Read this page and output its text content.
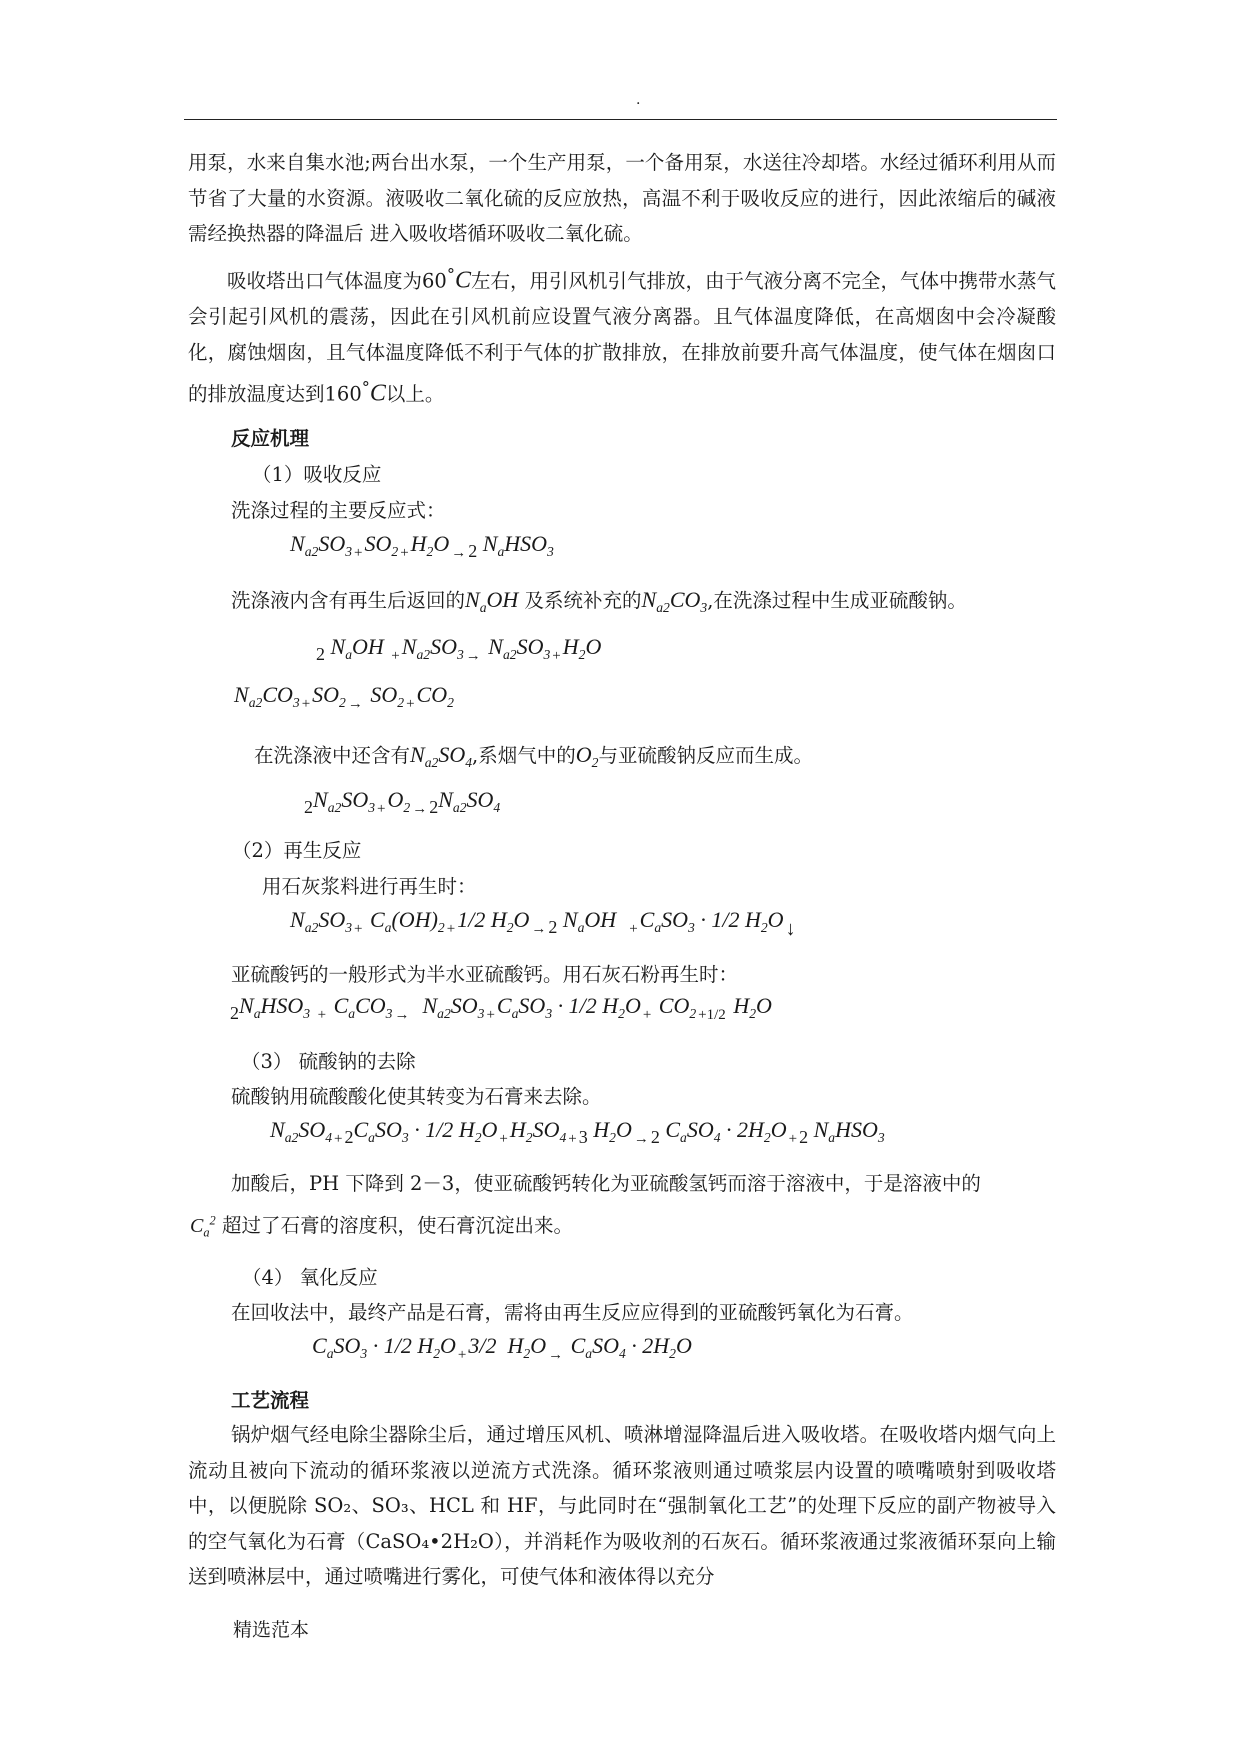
.
用泵，水来自集水池;两台出水泵，一个生产用泵，一个备用泵，水送往冷却塔。水经过循环利用从而节省了大量的水资源。液吸收二氧化硫的反应放热，高温不利于吸收反应的进行，因此浓缩后的碱液需经换热器的降温后 进入吸收塔循环吸收二氧化硫。
吸收塔出口气体温度为60°C左右，用引风机引气排放，由于气液分离不完全，气体中携带水蒸气会引起引风机的震荡，因此在引风机前应设置气液分离器。且气体温度降低，在高烟囱中会冷凝酸化，腐蚀烟囱，且气体温度降低不利于气体的扩散排放，在排放前要升高气体温度，使气体在烟囱口的排放温度达到160°C以上。
反应机理
（1）吸收反应
洗涤过程的主要反应式：
$N_{a2}SO_3$ $_+SO_2$ $_+H_2O$ $_\to$ $_2$ $N_aHSO_3$
洗涤液内含有再生后返回的$N_aOH$ 及系统补充的$N_{a2}CO_3$,在洗涤过程中生成亚硫酸钠。
$_2$ $N_aOH$ $_+N_{a2}SO_3$ $_\to$ $N_{a2}SO_3$ $_+H_2O$
$N_{a2}CO_3$ $_+SO_2$ $_\to$ $SO_2$ $_+CO_2$
在洗涤液中还含有$N_{a2}SO_4$,系烟气中的$O_2$与亚硫酸钠反应而生成。
$_2N_{a2}SO_3$ $_+O_2$ $_\to$ $_2N_{a2}SO_4$
（2）再生反应
用石灰浆料进行再生时：
$N_{a2}SO_3$ $_+$ $C_a(OH)_2$ $_+$1/2 $H_2O$ $_\to$ $_2$ $N_aOH$  $_+C_aSO_3 \cdot 1/2$ $H_2O$ ↓
亚硫酸钙的一般形式为半水亚硫酸钙。用石灰石粉再生时：
$_2N_aHSO_3$ $_+$ $C_aCO_3$ $_\to$  $N_{a2}SO_3$ $_+C_aSO_3 \cdot 1/2$ $H_2O$ $_+$ $CO_2$ $_{+1/2}$ $H_2O$
（3） 硫酸钠的去除
硫酸钠用硫酸酸化使其转变为石膏来去除。
$N_{a2}SO_4$ $_+$ $_2C_aSO_3 \cdot 1/2$ $H_2O$ $_+H_2SO_4$ $_+$ $_3$ $H_2O$ $_\to$ $_2$ $C_aSO_4 \cdot 2H_2O$ $_+$ $_2$ $N_aHSO_3$
加酸后，PH 下降到 2－3，使亚硫酸钙转化为亚硫酸氢钙而溶于溶液中，于是溶液中的
$C_a^2$ 超过了石膏的溶度积，使石膏沉淀出来。
（4） 氧化反应
在回收法中，最终产品是石膏，需将由再生反应应得到的亚硫酸钙氧化为石膏。
$C_aSO_3 \cdot 1/2$ $H_2O$ $_+$3/2  $H_2O$ $_\to$ $C_aSO_4 \cdot 2H_2O$
工艺流程
锅炉烟气经电除尘器除尘后，通过增压风机、喷淋增湿降温后进入吸收塔。在吸收塔内烟气向上流动且被向下流动的循环浆液以逆流方式洗涤。循环浆液则通过喷浆层内设置的喷嘴喷射到吸收塔中，以便脱除 SO₂、SO₃、HCL 和 HF，与此同时在“强制氧化工艺”的处理下反应的副产物被导入的空气氧化为石膏（CaSO₄•2H₂O），并消耗作为吸收剂的石灰石。循环浆液通过浆液循环泵向上输送到喷淋层中，通过喷嘴进行雾化，可使气体和液体得以充分
精选范本
